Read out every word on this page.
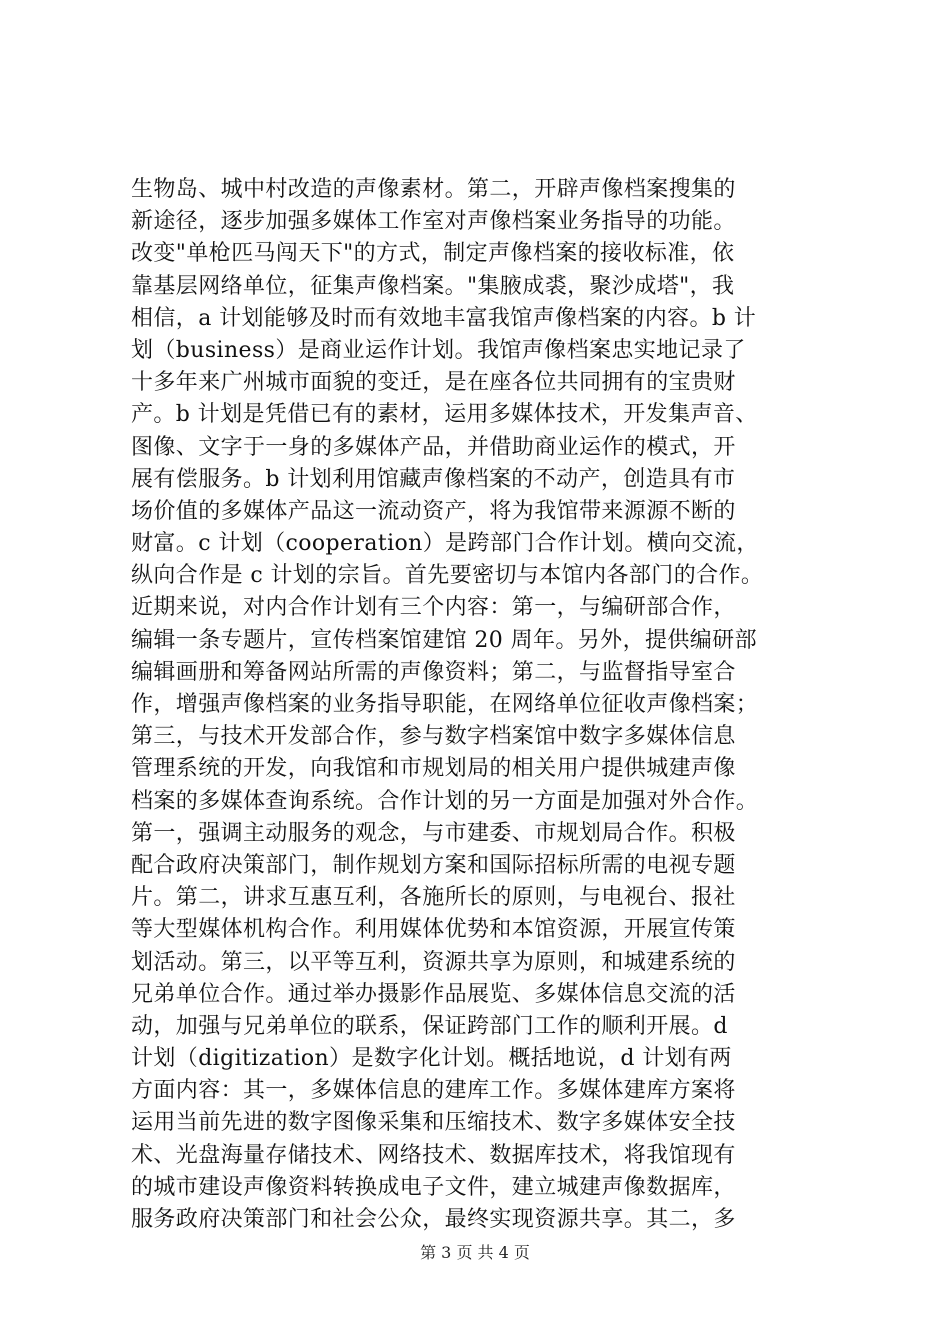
生物岛、城中村改造的声像素材。第二，开辟声像档案搜集的
新途径，逐步加强多媒体工作室对声像档案业务指导的功能。
改变"单枪匹马闯天下"的方式，制定声像档案的接收标准，依
靠基层网络单位，征集声像档案。"集腋成裘，聚沙成塔"，我
相信，a 计划能够及时而有效地丰富我馆声像档案的内容。b 计
划（business）是商业运作计划。我馆声像档案忠实地记录了
十多年来广州城市面貌的变迁，是在座各位共同拥有的宝贵财
产。b 计划是凭借已有的素材，运用多媒体技术，开发集声音、
图像、文字于一身的多媒体产品，并借助商业运作的模式，开
展有偿服务。b 计划利用馆藏声像档案的不动产，创造具有市
场价值的多媒体产品这一流动资产，将为我馆带来源源不断的
财富。c 计划（cooperation）是跨部门合作计划。横向交流，
纵向合作是 c 计划的宗旨。首先要密切与本馆内各部门的合作。
近期来说，对内合作计划有三个内容：第一，与编研部合作，
编辑一条专题片，宣传档案馆建馆 20 周年。另外，提供编研部
编辑画册和筹备网站所需的声像资料；第二，与监督指导室合
作，增强声像档案的业务指导职能，在网络单位征收声像档案；
第三，与技术开发部合作，参与数字档案馆中数字多媒体信息
管理系统的开发，向我馆和市规划局的相关用户提供城建声像
档案的多媒体查询系统。合作计划的另一方面是加强对外合作。
第一，强调主动服务的观念，与市建委、市规划局合作。积极
配合政府决策部门，制作规划方案和国际招标所需的电视专题
片。第二，讲求互惠互利，各施所长的原则，与电视台、报社
等大型媒体机构合作。利用媒体优势和本馆资源，开展宣传策
划活动。第三，以平等互利，资源共享为原则，和城建系统的
兄弟单位合作。通过举办摄影作品展览、多媒体信息交流的活
动，加强与兄弟单位的联系，保证跨部门工作的顺利开展。d
计划（digitization）是数字化计划。概括地说，d 计划有两
方面内容：其一，多媒体信息的建库工作。多媒体建库方案将
运用当前先进的数字图像采集和压缩技术、数字多媒体安全技
术、光盘海量存储技术、网络技术、数据库技术，将我馆现有
的城市建设声像资料转换成电子文件，建立城建声像数据库，
服务政府决策部门和社会公众，最终实现资源共享。其二，多
第 3 页 共 4 页
